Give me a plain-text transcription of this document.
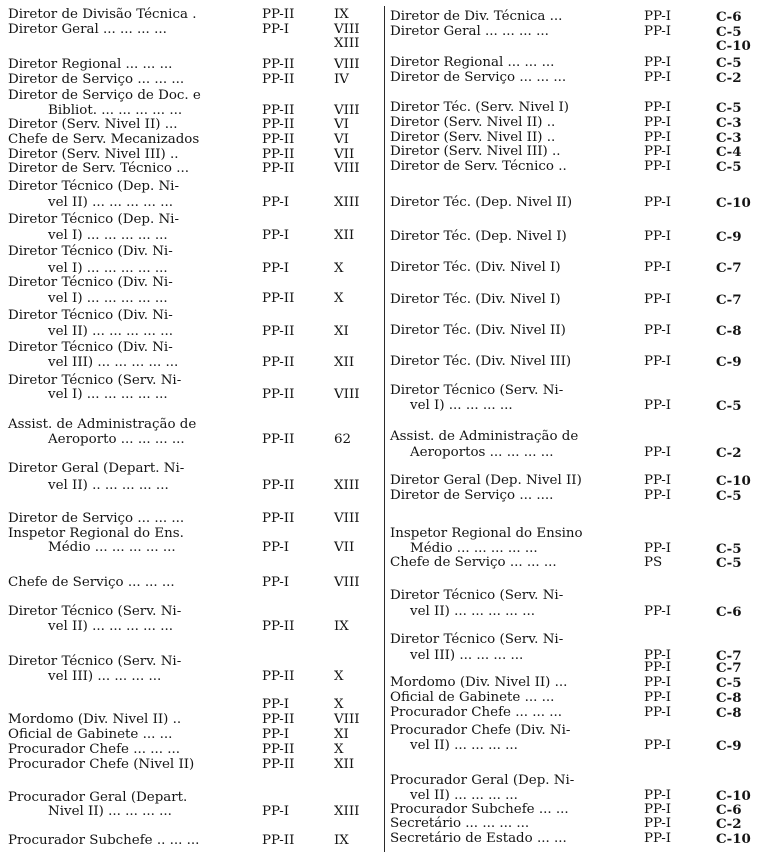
Diretor de Divisão Técnica .	PP-II	IX
Diretor Geral ... ... ... ...	PP-I	VIII
XIII
Diretor Regional ... ... ...	PP-II	VIII
Diretor de Serviço ... ... ...	PP-II	IV
Diretor de Serviço de Doc. e
Bibliot. ... ... ... ... ...	PP-II	VIII
Diretor (Serv. Nivel II) ...	PP-II	VI
Chefe de Serv. Mecanizados	PP-II	VI
Diretor (Serv. Nivel III) ..	PP-II	VII
Diretor de Serv. Técnico ...	PP-II	VIII
Diretor Técnico (Dep. Ni-
vel II) ... ... ... ... ...	PP-I	XIII
Diretor Técnico (Dep. Ni-
vel I) ... ... ... ... ...	PP-I	XII
Diretor Técnico (Div. Ni-
vel I) ... ... ... ... ...	PP-I	X
Diretor Técnico (Div. Ni-
vel I) ... ... ... ... ...	PP-II	X
Diretor Técnico (Div. Ni-
vel II) ... ... ... ... ...	PP-II	XI
Diretor Técnico (Div. Ni-
vel III) ... ... ... ... ...	PP-II	XII
Diretor Técnico (Serv. Ni-
vel I) ... ... ... ... ...	PP-II	VIII
Assist. de Administração de
Aeroporto ... ... ... ...	PP-II	62
Diretor Geral (Depart. Ni-
vel II) .. ... ... ... ...	PP-II	XIII
Diretor de Serviço ... ... ...	PP-II	VIII
Inspetor Regional do Ens.
Médio ... ... ... ... ...	PP-I	VII
Chefe de Serviço ... ... ...	PP-I	VIII
Diretor Técnico (Serv. Ni-
vel II) ... ... ... ... ...	PP-II	IX
Diretor Técnico (Serv. Ni-
vel III) ... ... ... ...	PP-II	X
PP-I	X
Mordomo (Div. Nivel II) ..	PP-II	VIII
Oficial de Gabinete ... ...	PP-I	XI
Procurador Chefe ... ... ...	PP-II	X
Procurador Chefe (Nivel II)	PP-II	XII
Procurador Geral (Depart.
Nivel II) ... ... ... ...	PP-I	XIII
Procurador Subchefe .. ... ...	PP-II	IX
Diretor de Div. Técnica ...	PP-I	C-6
Diretor Geral ... ... ... ...	PP-I	C-5
C-10
Diretor Regional ... ... ...	PP-I	C-5
Diretor de Serviço ... ... ...	PP-I	C-2
Diretor Téc. (Serv. Nivel I)	PP-I	C-5
Diretor (Serv. Nivel II) ..	PP-I	C-3
Diretor (Serv. Nivel II) ..	PP-I	C-3
Diretor (Serv. Nivel III) ..	PP-I	C-4
Diretor de Serv. Técnico ..	PP-I	C-5
Diretor Téc. (Dep. Nivel II)	PP-I	C-10
Diretor Téc. (Dep. Nivel I)	PP-I	C-9
Diretor Téc. (Div. Nivel I)	PP-I	C-7
Diretor Téc. (Div. Nivel I)	PP-I	C-7
Diretor Téc. (Div. Nivel II)	PP-I	C-8
Diretor Téc. (Div. Nivel III)	PP-I	C-9
Diretor Técnico (Serv. Ni-
vel I) ... ... ... ...	PP-I	C-5
Assist. de Administração de
Aeroportos ... ... ... ...	PP-I	C-2
Diretor Geral (Dep. Nivel II)	PP-I	C-10
Diretor de Serviço ... ....	PP-I	C-5
Inspetor Regional do Ensino
Médio ... ... ... ... ...	PP-I	C-5
Chefe de Serviço ... ... ...	PS	C-5
Diretor Técnico (Serv. Ni-
vel II) ... ... ... ... ...	PP-I	C-6
Diretor Técnico (Serv. Ni-
vel III) ... ... ... ...	PP-I	C-7
PP-I	C-7
Mordomo (Div. Nivel II) ...	PP-I	C-5
Oficial de Gabinete ... ...	PP-I	C-8
Procurador Chefe ... ... ...	PP-I	C-8
Procurador Chefe (Div. Ni-
vel II) ... ... ... ...	PP-I	C-9
Procurador Geral (Dep. Ni-
vel II) ... ... ... ...	PP-I	C-10
Procurador Subchefe ... ...	PP-I	C-6
Secretário ... ... ... ...	PP-I	C-2
Secretário de Estado ... ...	PP-I	C-10
